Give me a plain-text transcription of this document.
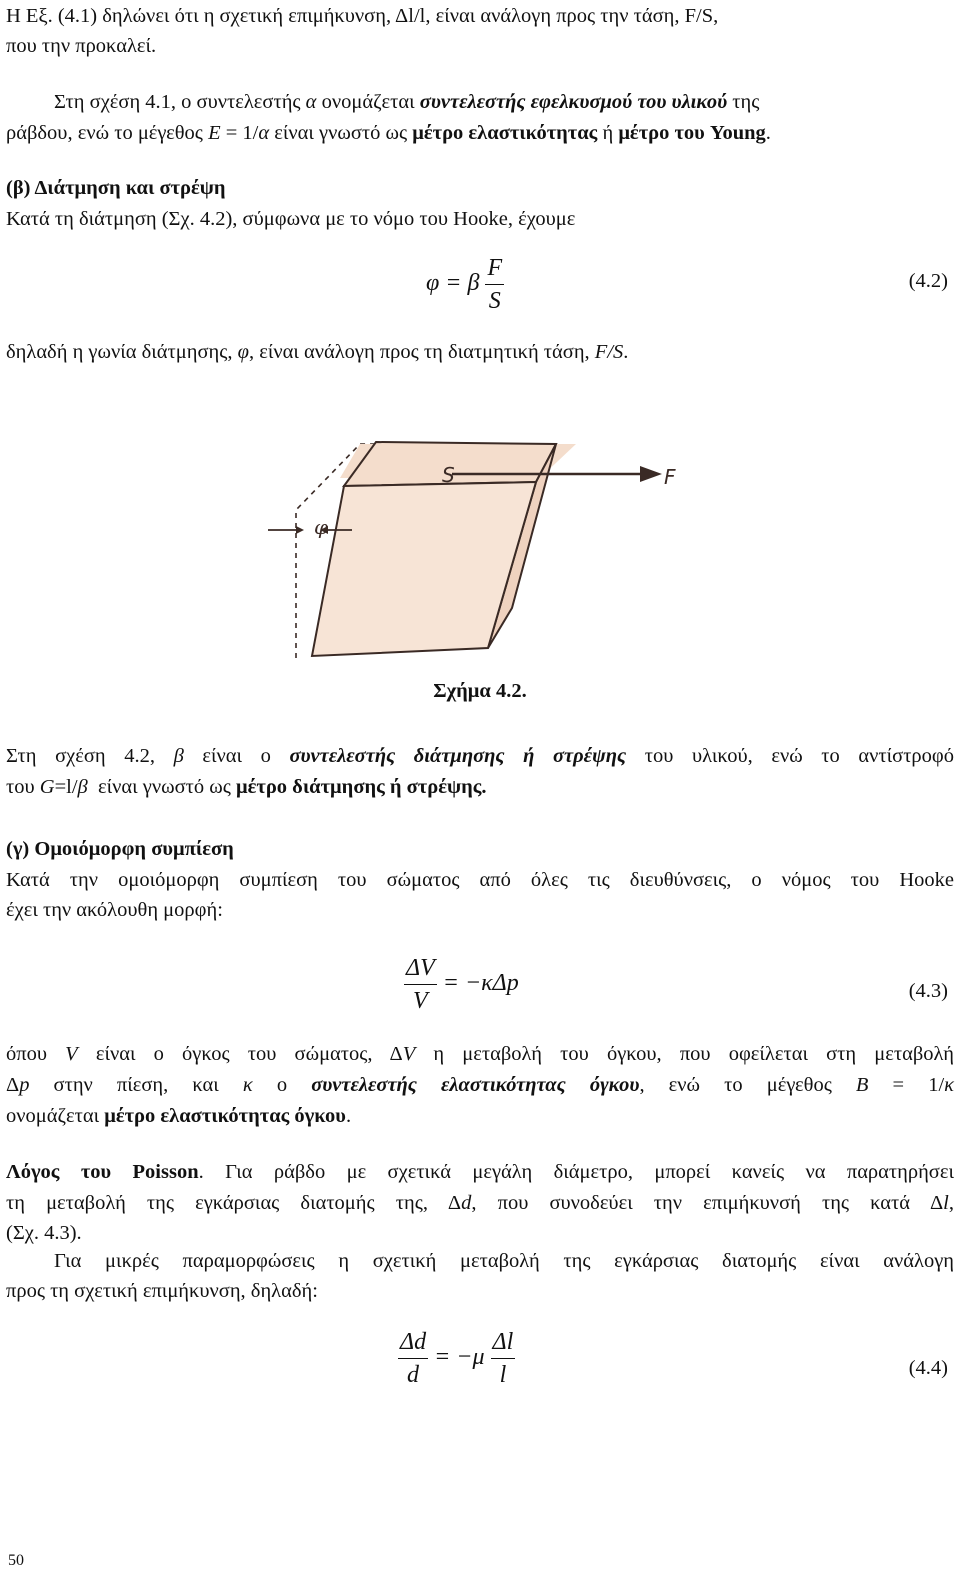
Η Εξ. (4.1) δηλώνει ότι η σχετική επιμήκυνση, Δl/l, είναι ανάλογη προς την τάση, F/S,
που την προκαλεί.
Στη σχέση 4.1, ο συντελεστής α ονομάζεται συντελεστής εφελκυσμού του υλικού της
ράβδου, ενώ το μέγεθος E = 1/α είναι γνωστό ως μέτρο ελαστικότητας ή μέτρο του Young.
(β) Διάτμηση και στρέψη
Κατά τη διάτμηση (Σχ. 4.2), σύμφωνα με το νόμο του Hooke, έχουμε
φ = β $\frac{F}{S}$	(4.2)
δηλαδή η γωνία διάτμησης, φ, είναι ανάλογη προς τη διατμητική τάση, F/S.
S	F
φ
Σχήμα 4.2.
Στη σχέση 4.2, β είναι ο συντελεστής διάτμησης ή στρέψης του υλικού, ενώ το αντίστροφό
του G=l/β  είναι γνωστό ως μέτρο διάτμησης ή στρέψης.
(γ) Ομοιόμορφη συμπίεση
Κατά την ομοιόμορφη συμπίεση του σώματος από όλες τις διευθύνσεις, ο νόμος του Hooke
έχει την ακόλουθη μορφή:
$\frac{\Delta V}{V} = -\kappa\Delta p$	(4.3)
όπου V είναι ο όγκος του σώματος, ΔV η μεταβολή του όγκου, που οφείλεται στη μεταβολή
Δp στην πίεση, και κ ο συντελεστής ελαστικότητας όγκου, ενώ το μέγεθος B = 1/κ
ονομάζεται μέτρο ελαστικότητας όγκου.
Λόγος του Poisson. Για ράβδο με σχετικά μεγάλη διάμετρο, μπορεί κανείς να παρατηρήσει
τη μεταβολή της εγκάρσιας διατομής της, Δd, που συνοδεύει την επιμήκυνσή της κατά Δl,
(Σχ. 4.3).
Για μικρές παραμορφώσεις η σχετική μεταβολή της εγκάρσιας διατομής είναι ανάλογη
προς τη σχετική επιμήκυνση, δηλαδή:
$\frac{\Delta d}{d} = -\mu \frac{\Delta l}{l}$	(4.4)
50
